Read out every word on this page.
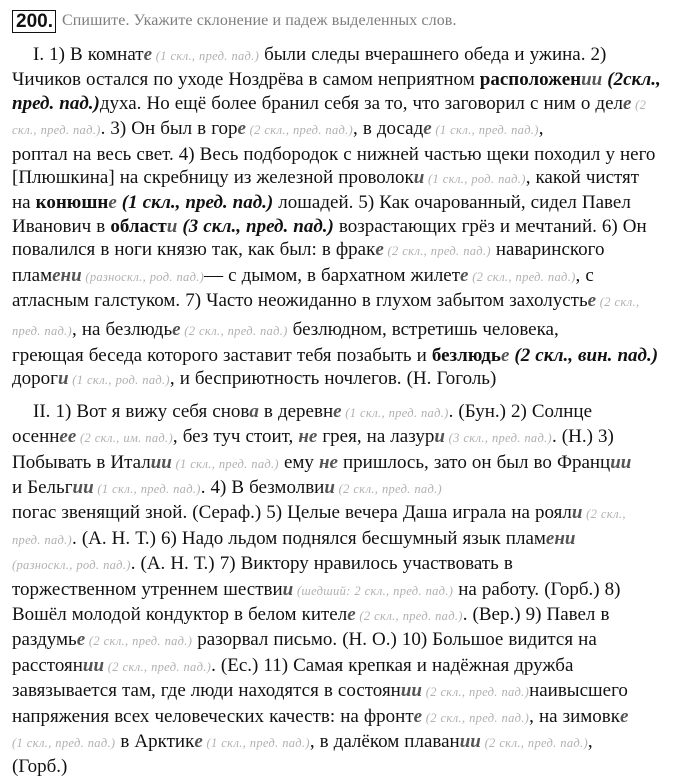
200. Спишите. Укажите склонение и падеж выделенных слов.

I. 1) В комнате (1 скл., пред. пад.) были следы вчерашнего обеда и ужина. 2)
Чичиков остался по уходе Ноздрёва в самом неприятном расположении (2скл.,
пред. пад.)духа. Но ещё более бранил себя за то, что заговорил с ним о деле (2
скл., пред. пад.). 3) Он был в горе (2 скл., пред. пад.), в досаде (1 скл., пред. пад.),
роптал на весь свет. 4) Весь подбородок с нижней частью щеки походил у него
[Плюшкина] на скребницу из железной проволоки (1 скл., род. пад.), какой чистят
на конюшне (1 скл., пред. пад.) лошадей. 5) Как очарованный, сидел Павел
Иванович в области (3 скл., пред. пад.) возрастающих грёз и мечтаний. 6) Он
повалился в ноги князю так, как был: в фраке (2 скл., пред. пад.) наваринского
пламени (разноскл., род. пад.)— с дымом, в бархатном жилете (2 скл., пред. пад.), с
атласным галстуком. 7) Часто неожиданно в глухом забытом захолустье (2 скл.,

пред. пад.), на безлюдье (2 скл., пред. пад.) безлюдном, встретишь человека,
греющая беседа которого заставит тебя позабыть и безлюдье (2 скл., вин. пад.)
дороги (1 скл., род. пад.), и бесприютность ночлегов. (Н. Гоголь)

II. 1) Вот я вижу себя снова в деревне (1 скл., пред. пад.). (Бун.) 2) Солнце
осеннее (2 скл., им. пад.), без туч стоит, не грея, на лазури (3 скл., пред. пад.). (Н.) 3)
Побывать в Италии (1 скл., пред. пад.) ему не пришлось, зато он был во Франции
и Бельгии (1 скл., пред. пад.). 4) В безмолвии (2 скл., пред. пад.)
погас звенящий зной. (Сераф.) 5) Целые вечера Даша играла на рояли (2 скл.,
пред. пад.). (А. Н. Т.) 6) Надо льдом поднялся бесшумный язык пламени
(разноскл., род. пад.). (А. Н. Т.) 7) Виктору нравилось участвовать в
торжественном утреннем шествии (шедший: 2 скл., пред. пад.) на работу. (Горб.) 8)
Вошёл молодой кондуктор в белом кителе (2 скл., пред. пад.). (Вер.) 9) Павел в
раздумье (2 скл., пред. пад.) разорвал письмо. (Н. О.) 10) Большое видится на
расстоянии (2 скл., пред. пад.). (Ес.) 11) Самая крепкая и надёжная дружба
завязывается там, где люди находятся в состоянии (2 скл., пред. пад.)наивысшего
напряжения всех человеческих качеств: на фронте (2 скл., пред. пад.), на зимовке
(1 скл., пред. пад.) в Арктике (1 скл., пред. пад.), в далёком плавании (2 скл., пред. пад.),
(Горб.)
